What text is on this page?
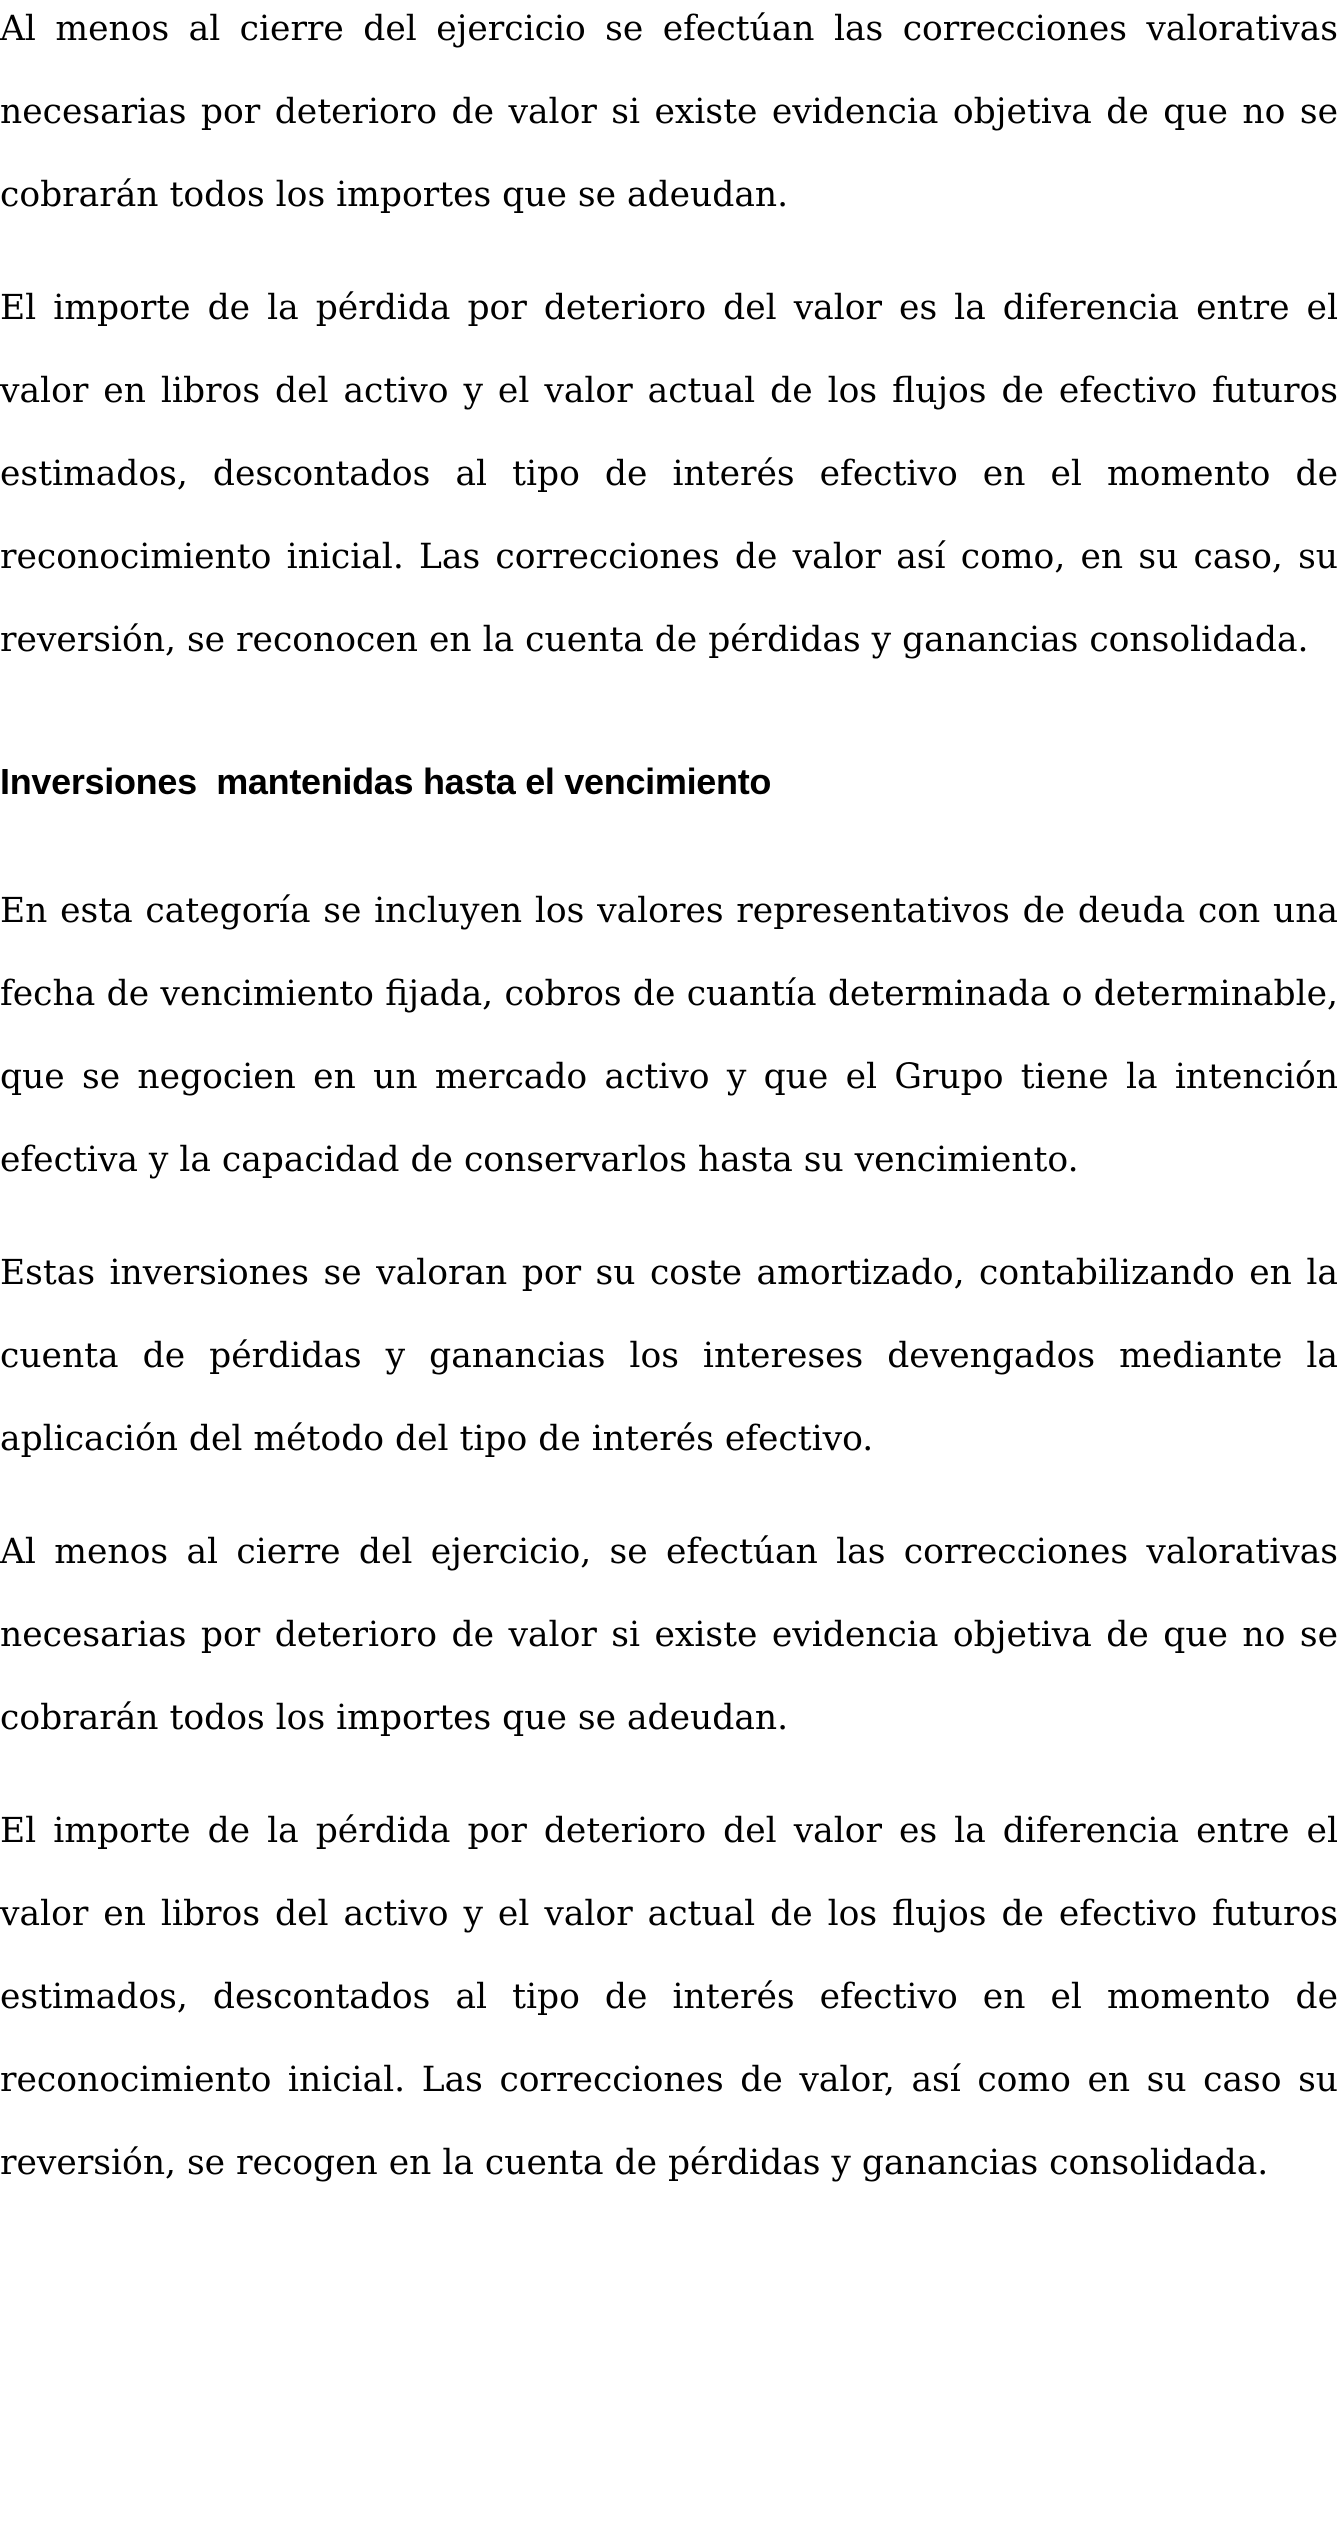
Al menos al cierre del ejercicio se efectúan las correcciones valorativas necesarias por deterioro de valor si existe evidencia objetiva de que no se cobrarán todos los importes que se adeudan.

El importe de la pérdida por deterioro del valor es la diferencia entre el valor en libros del activo y el valor actual de los flujos de efectivo futuros estimados, descontados al tipo de interés efectivo en el momento de reconocimiento inicial. Las correcciones de valor así como, en su caso, su reversión, se reconocen en la cuenta de pérdidas y ganancias consolidada.

Inversiones  mantenidas hasta el vencimiento

En esta categoría se incluyen los valores representativos de deuda con una fecha de vencimiento fijada, cobros de cuantía determinada o determinable, que se negocien en un mercado activo y que el Grupo tiene la intención efectiva y la capacidad de conservarlos hasta su vencimiento.

Estas inversiones se valoran por su coste amortizado, contabilizando en la cuenta de pérdidas y ganancias los intereses devengados mediante la aplicación del método del tipo de interés efectivo.

Al menos al cierre del ejercicio, se efectúan las correcciones valorativas necesarias por deterioro de valor si existe evidencia objetiva de que no se cobrarán todos los importes que se adeudan.

El importe de la pérdida por deterioro del valor es la diferencia entre el valor en libros del activo y el valor actual de los flujos de efectivo futuros estimados, descontados al tipo de interés efectivo en el momento de reconocimiento inicial. Las correcciones de valor, así como en su caso su reversión, se recogen en la cuenta de pérdidas y ganancias consolidada.
